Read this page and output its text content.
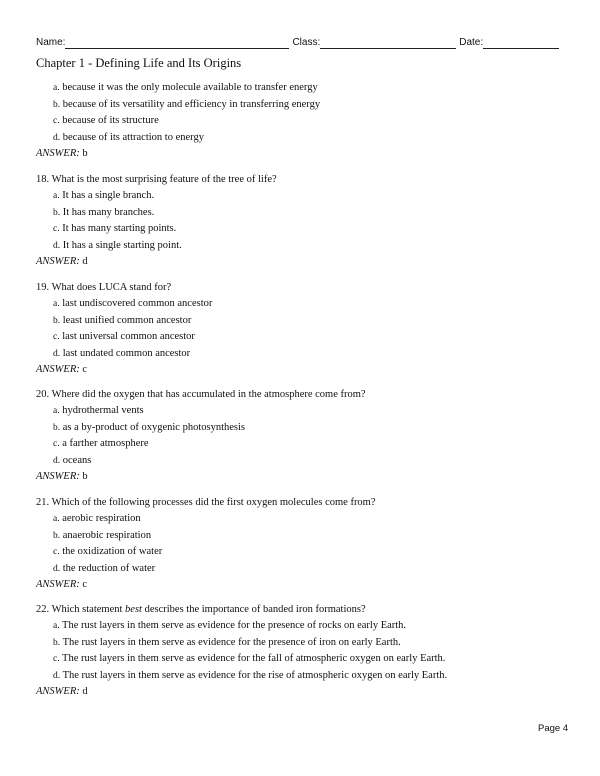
Name:	Class:	Date:
Chapter 1 - Defining Life and Its Origins
a. because it was the only molecule available to transfer energy
b. because of its versatility and efficiency in transferring energy
c. because of its structure
d. because of its attraction to energy
ANSWER: b
18. What is the most surprising feature of the tree of life?
a. It has a single branch.
b. It has many branches.
c. It has many starting points.
d. It has a single starting point.
ANSWER: d
19. What does LUCA stand for?
a. last undiscovered common ancestor
b. least unified common ancestor
c. last universal common ancestor
d. last undated common ancestor
ANSWER: c
20. Where did the oxygen that has accumulated in the atmosphere come from?
a. hydrothermal vents
b. as a by-product of oxygenic photosynthesis
c. a farther atmosphere
d. oceans
ANSWER: b
21. Which of the following processes did the first oxygen molecules come from?
a. aerobic respiration
b. anaerobic respiration
c. the oxidization of water
d. the reduction of water
ANSWER: c
22. Which statement best describes the importance of banded iron formations?
a. The rust layers in them serve as evidence for the presence of rocks on early Earth.
b. The rust layers in them serve as evidence for the presence of iron on early Earth.
c. The rust layers in them serve as evidence for the fall of atmospheric oxygen on early Earth.
d. The rust layers in them serve as evidence for the rise of atmospheric oxygen on early Earth.
ANSWER: d
Page 4
